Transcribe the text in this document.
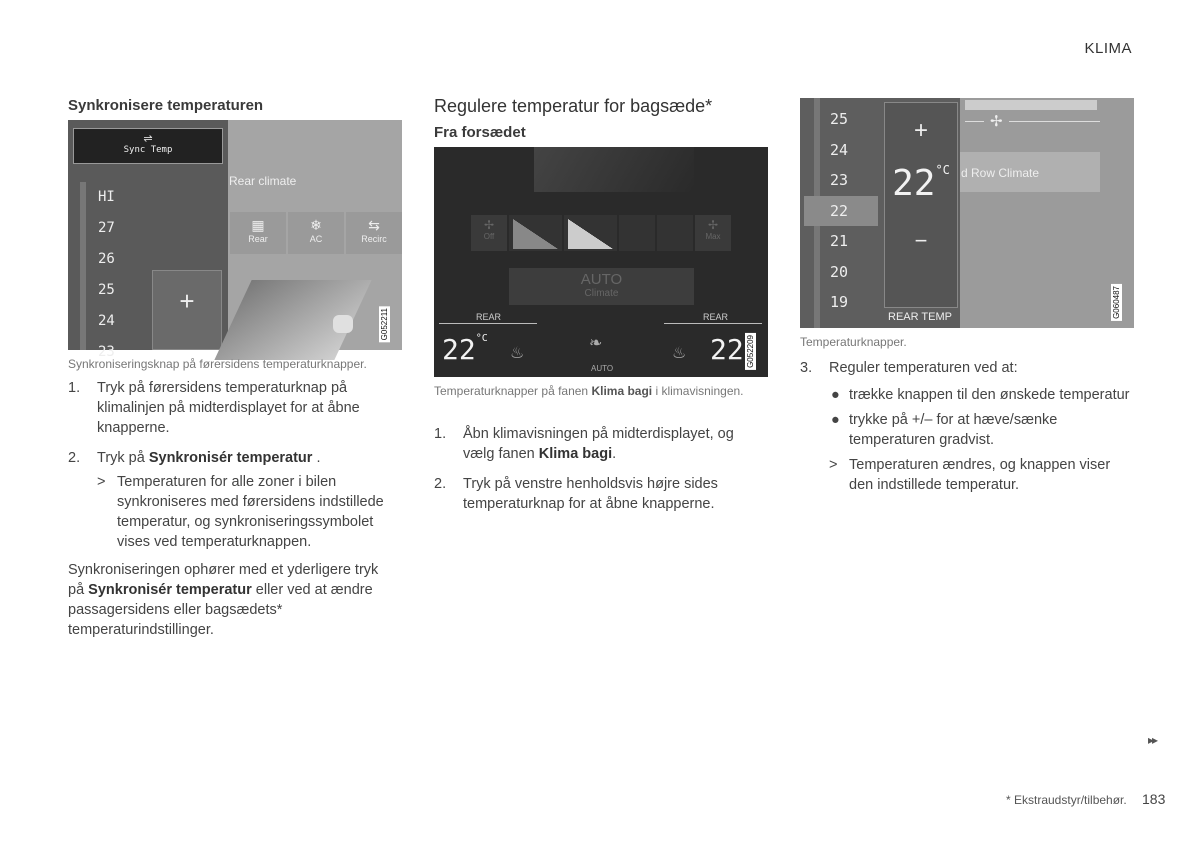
KLIMA
Synkronisere temperaturen
⇌
Sync Temp
HI
27
26
25
24
23
+
Rear climate
▦
Rear
❄
AC
⇆
Recirc
G052211
Synkroniseringsknap på førersidens temperaturknapper.
1. Tryk på førersidens temperaturknap på klimalinjen på midterdisplayet for at åbne knapperne.
2. Tryk på Synkronisér temperatur .
> Temperaturen for alle zoner i bilen synkroniseres med førersidens indstillede temperatur, og synkroniseringssymbolet vises ved temperaturknappen.

Synkroniseringen ophører med et yderligere tryk på Synkronisér temperatur eller ved at ændre passagersidens eller bagsædets* temperaturindstillinger.

Regulere temperatur for bagsæde*
Fra forsædet
✢
Off
✢
Max
AUTO
Climate
REAR	REAR
$22^{^\circ C}$
♨
❧
AUTO
♨ 22 G052209
Temperaturknapper på fanen Klima bagi i klimavisningen.
1. Åbn klimavisningen på midterdisplayet, og vælg fanen Klima bagi.
2. Tryk på venstre henholdsvis højre sides temperaturknap for at åbne knapperne.
25
24
23
22
21
20
19
+
$22^{^\circ C}$
−
REAR TEMP
✢
d Row Climate
G060487
Temperaturknapper.
3. Reguler temperaturen ved at:
● trække knappen til den ønskede temperatur
● trykke på +/– for at hæve/sænke temperaturen gradvist.
> Temperaturen ændres, og knappen viser den indstillede temperatur.
▸▸
* Ekstraudstyr/tilbehør. 183
